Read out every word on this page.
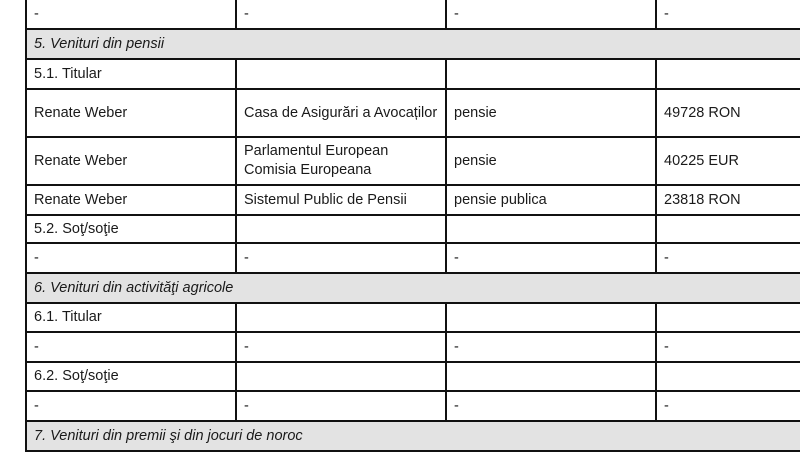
-	-	-	-
5. Venituri din pensii			
5.1. Titular			
Renate Weber	Casa de Asigurări a Avocaților	pensie	49728 RON
Renate Weber	Parlamentul European Comisia Europeana	pensie	40225 EUR
Renate Weber	Sistemul Public de Pensii	pensie publica	23818 RON
5.2. Soţ/soţie			
-	-	-	-
6. Venituri din activităţi agricole			
6.1. Titular			
-	-	-	-
6.2. Soţ/soţie			
-	-	-	-
7. Venituri din premii şi din jocuri de noroc			
